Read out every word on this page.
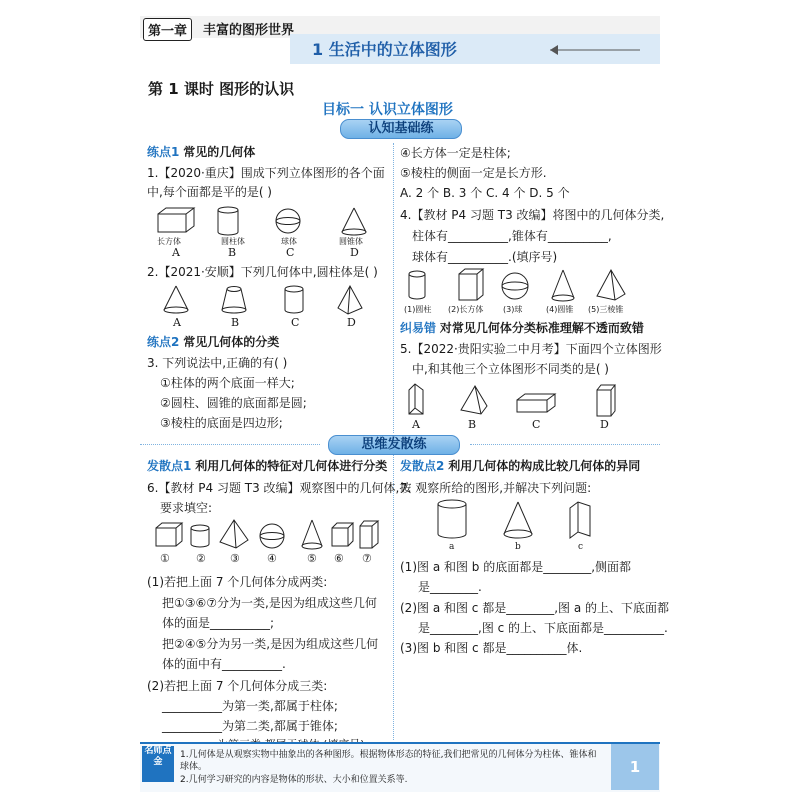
第一章	丰富的图形世界
1 生活中的立体图形
第 1 课时 图形的认识
目标一 认识立体图形
认知基础练
练点1 常见的几何体
1.【2020·重庆】围成下列立体图形的各个面
中,每个面都是平的是( )
长方体	圆柱体	球体	圆锥体
A	B	C	D
2.【2021·安顺】下列几何体中,圆柱体是( )
A	B	C	D
练点2 常见几何体的分类
3. 下列说法中,正确的有( )
①柱体的两个底面一样大;
②圆柱、圆锥的底面都是圆;
③棱柱的底面是四边形;
④长方体一定是柱体;
⑤棱柱的侧面一定是长方形.
A. 2 个 B. 3 个 C. 4 个 D. 5 个
4.【教材 P4 习题 T3 改编】将图中的几何体分类,
柱体有__________,锥体有__________,
球体有__________.(填序号)
(1)圆柱 (2)长方体 (3)球	(4)圆锥 (5)三棱锥
纠易错 对常见几何体分类标准理解不透而致错
5.【2022·贵阳实验二中月考】下面四个立体图形
中,和其他三个立体图形不同类的是( )
A	B	C	D
思维发散练
发散点1 利用几何体的特征对几何体进行分类
6.【教材 P4 习题 T3 改编】观察图中的几何体,按
要求填空:
① ② ③ ④	⑤ ⑥ ⑦
(1)若把上面 7 个几何体分成两类:
把①③⑥⑦分为一类,是因为组成这些几何
体的面是__________;
把②④⑤分为另一类,是因为组成这些几何
体的面中有__________.
(2)若把上面 7 个几何体分成三类:
__________为第一类,都属于柱体;
__________为第二类,都属于锥体;
发散点2 利用几何体的构成比较几何体的异同
7. 观察所给的图形,并解决下列问题:
a	b	c
(1)图 a 和图 b 的底面都是________,侧面都
是________.
(2)图 a 和图 c 都是________,图 a 的上、下底面都
是________,图 c 的上、下底面都是__________.
(3)图 b 和图 c 都是__________体.
名师点金
1.几何体是从观察实物中抽象出的各种图形。根据物体形态的特征,我们把常见的几何体分为柱体、锥体和
球体。
2.几何学习研究的内容是物体的形状、大小和位置关系等.
1
